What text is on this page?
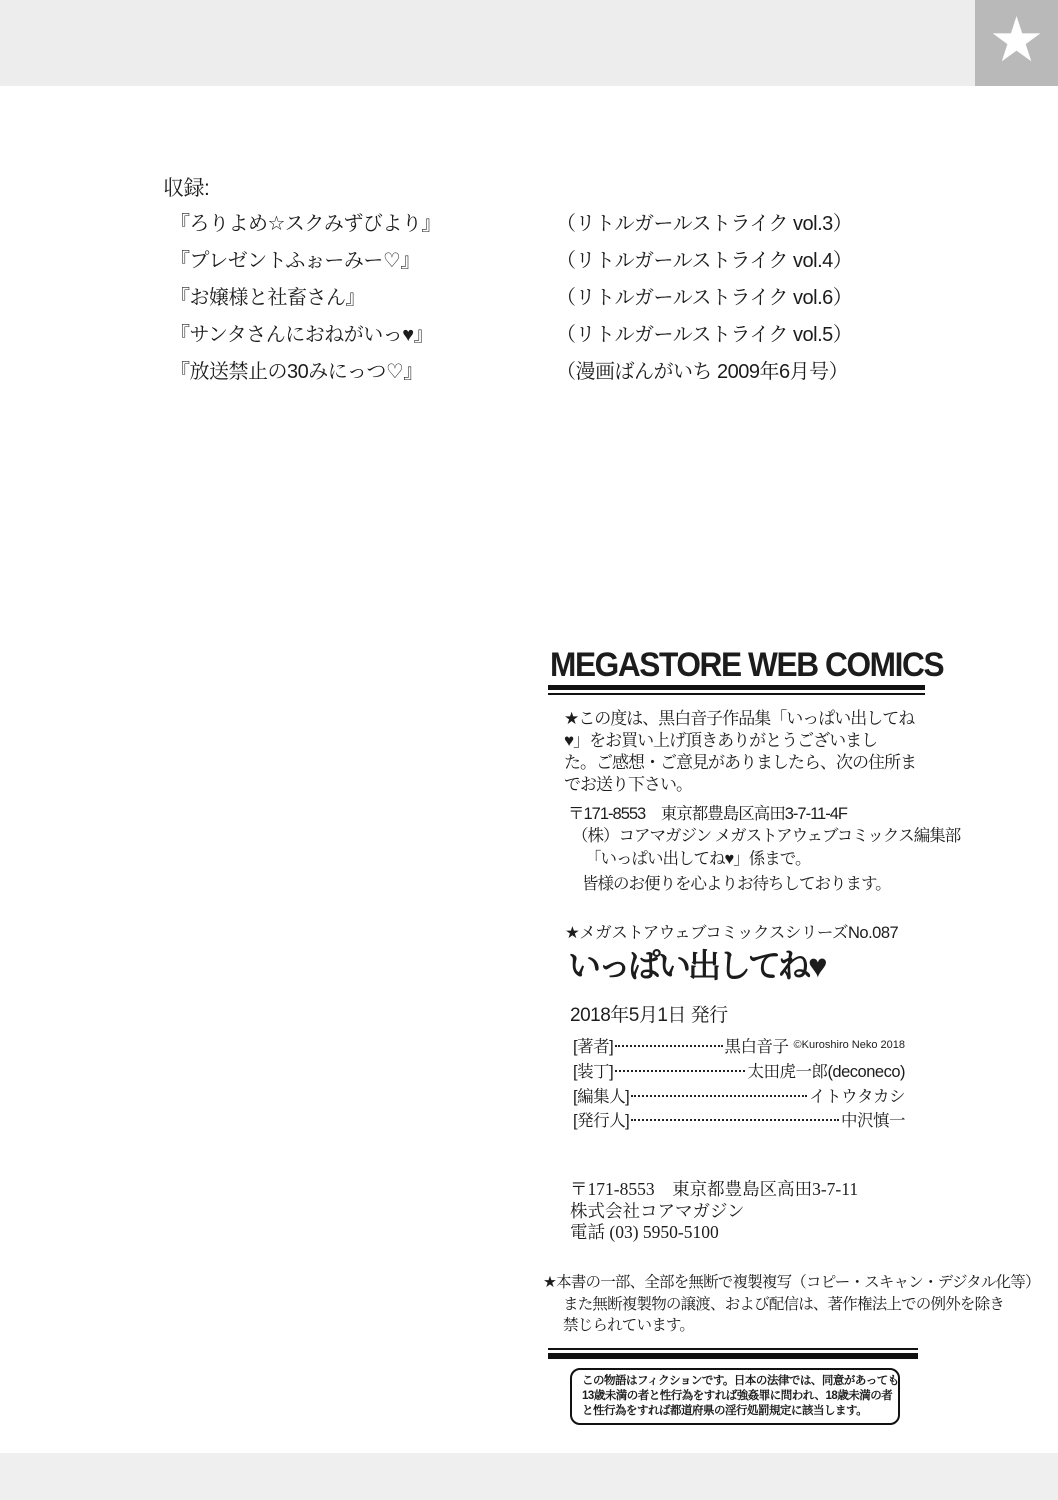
★
収録:
『ろりよめ☆スクみずびより』	（リトルガールストライク vol.3）
『プレゼントふぉーみー♡』	（リトルガールストライク vol.4）
『お嬢様と社畜さん』	（リトルガールストライク vol.6）
『サンタさんにおねがいっ♥』	（リトルガールストライク vol.5）
『放送禁止の30みにっつ♡』	（漫画ばんがいち 2009年6月号）
MEGASTORE WEB COMICS
★この度は、黒白音子作品集「いっぱい出してね
♥」をお買い上げ頂きありがとうございまし
た。ご感想・ご意見がありましたら、次の住所ま
でお送り下さい。
〒171-8553　東京都豊島区高田3-7-11-4F
（株）コアマガジン メガストアウェブコミックス編集部
「いっぱい出してね♥」係まで。
皆様のお便りを心よりお待ちしております。
★メガストアウェブコミックスシリーズNo.087
いっぱい出してね♥
2018年5月1日 発行
[著者]	黒白音子 ©Kuroshiro Neko 2018
[装丁]	太田虎一郎(deconeco)
[編集人]	イトウタカシ
[発行人]	中沢慎一
〒171-8553　東京都豊島区高田3-7-11
株式会社コアマガジン
電話 (03) 5950-5100
★本書の一部、全部を無断で複製複写（コピー・スキャン・デジタル化等）
また無断複製物の譲渡、および配信は、著作権法上での例外を除き
禁じられています。
この物語はフィクションです。日本の法律では、同意があっても
13歳未満の者と性行為をすれば強姦罪に問われ、18歳未満の者
と性行為をすれば都道府県の淫行処罰規定に該当します。
